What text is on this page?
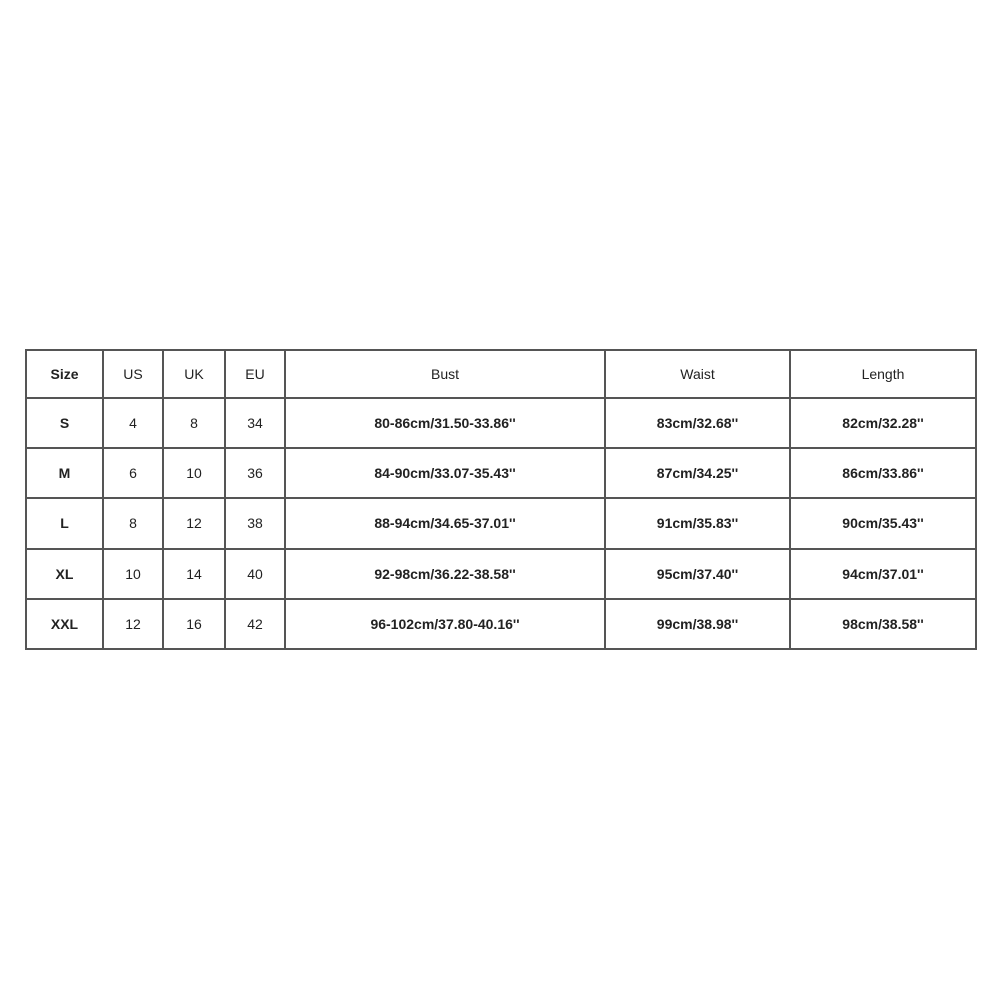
Size	US	UK	EU	Bust	Waist	Length
S	4	8	34	80-86cm/31.50-33.86''	83cm/32.68''	82cm/32.28''
M	6	10	36	84-90cm/33.07-35.43''	87cm/34.25''	86cm/33.86''
L	8	12	38	88-94cm/34.65-37.01''	91cm/35.83''	90cm/35.43''
XL	10	14	40	92-98cm/36.22-38.58''	95cm/37.40''	94cm/37.01''
XXL	12	16	42	96-102cm/37.80-40.16''	99cm/38.98''	98cm/38.58''
